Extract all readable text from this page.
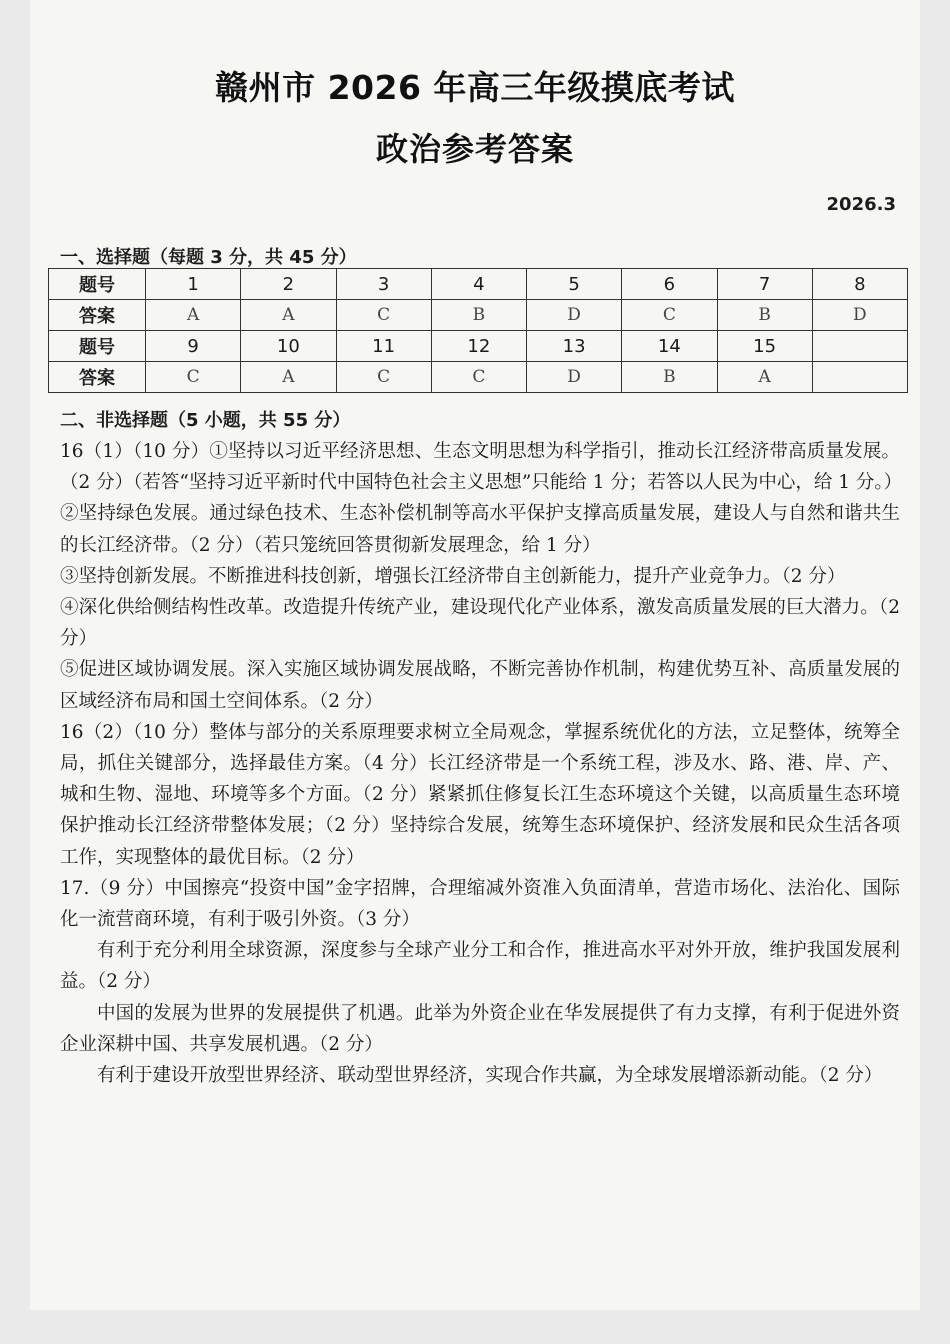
赣州市 2026 年高三年级摸底考试
政治参考答案
2026.3
一、选择题（每题 3 分，共 45 分）
题号	1	2	3	4	5	6	7	8
答案	A	A	C	B	D	C	B	D
题号	9	10	11	12	13	14	15	
答案	C	A	C	C	D	B	A	
二、非选择题（5 小题，共 55 分）

16（1）（10 分）①坚持以习近平经济思想、生态文明思想为科学指引，推动长江经济带高质量发展。（2 分）（若答“坚持习近平新时代中国特色社会主义思想”只能给 1 分；若答以人民为中心，给 1 分。）

②坚持绿色发展。通过绿色技术、生态补偿机制等高水平保护支撑高质量发展，建设人与自然和谐共生的长江经济带。（2 分）（若只笼统回答贯彻新发展理念，给 1 分）

③坚持创新发展。不断推进科技创新，增强长江经济带自主创新能力，提升产业竞争力。（2 分）

④深化供给侧结构性改革。改造提升传统产业，建设现代化产业体系，激发高质量发展的巨大潜力。（2 分）

⑤促进区域协调发展。深入实施区域协调发展战略，不断完善协作机制，构建优势互补、高质量发展的区域经济布局和国土空间体系。（2 分）

16（2）（10 分）整体与部分的关系原理要求树立全局观念，掌握系统优化的方法，立足整体，统筹全局，抓住关键部分，选择最佳方案。（4 分）长江经济带是一个系统工程，涉及水、路、港、岸、产、城和生物、湿地、环境等多个方面。（2 分）紧紧抓住修复长江生态环境这个关键，以高质量生态环境保护推动长江经济带整体发展；（2 分）坚持综合发展，统筹生态环境保护、经济发展和民众生活各项工作，实现整体的最优目标。（2 分）

17.（9 分）中国擦亮“投资中国”金字招牌，合理缩减外资准入负面清单，营造市场化、法治化、国际化一流营商环境，有利于吸引外资。（3 分）

有利于充分利用全球资源，深度参与全球产业分工和合作，推进高水平对外开放，维护我国发展利益。（2 分）

中国的发展为世界的发展提供了机遇。此举为外资企业在华发展提供了有力支撑，有利于促进外资企业深耕中国、共享发展机遇。（2 分）

有利于建设开放型世界经济、联动型世界经济，实现合作共赢，为全球发展增添新动能。（2 分）
